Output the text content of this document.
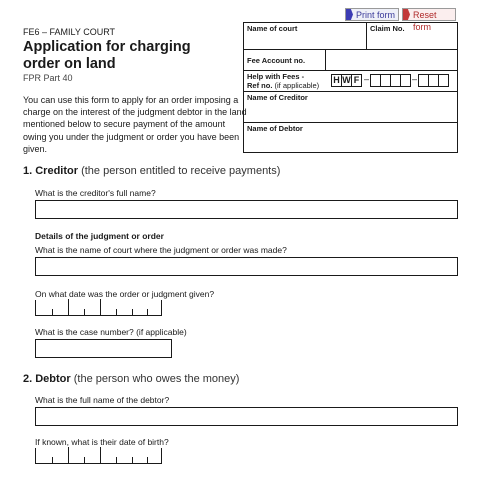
Print form	Reset form
FE6 – FAMILY COURT
Application for charging order on land
FPR Part 40
You can use this form to apply for an order imposing a charge on the interest of the judgment debtor in the land mentioned below to secure payment of the amount owing you under the judgment or order you have been given.
Name of court	Claim No.
Fee Account no.
Help with Fees -
Ref no. (if applicable)	H W F –	–
Name of Creditor
Name of Debtor
1. Creditor (the person entitled to receive payments)
What is the creditor's full name?
Details of the judgment or order
What is the name of court where the judgment or order was made?
On what date was the order or judgment given?
What is the case number? (if applicable)
2. Debtor (the person who owes the money)
What is the full name of the debtor?
If known, what is their date of birth?
